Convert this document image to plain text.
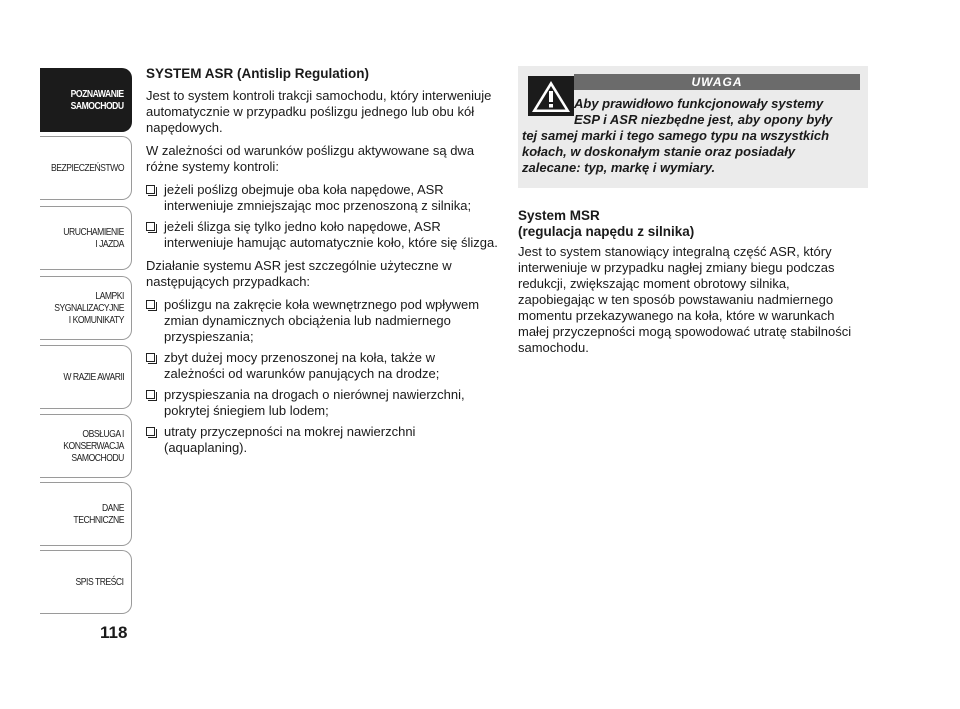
POZNAWANIE
SAMOCHODU
BEZPIECZEŃSTWO
URUCHAMIENIE
I JAZDA
LAMPKI
SYGNALIZACYJNE
I KOMUNIKATY
W RAZIE AWARII
OBSŁUGA I
KONSERWACJA
SAMOCHODU
DANE TECHNICZNE
SPIS TREŚCI
118
SYSTEM ASR (Antislip Regulation)
Jest to system kontroli trakcji samochodu, który interweniuje automatycznie w przypadku poślizgu jednego lub obu kół napędowych.
W zależności od warunków poślizgu aktywowane są dwa różne systemy kontroli:
jeżeli poślizg obejmuje oba koła napędowe, ASR interweniuje zmniejszając moc przenoszoną z silnika;
jeżeli ślizga się tylko jedno koło napędowe, ASR interweniuje hamując automatycznie koło, które się ślizga.
Działanie systemu ASR jest szczególnie użyteczne w następujących przypadkach:
poślizgu na zakręcie koła wewnętrznego pod wpływem zmian dynamicznych obciążenia lub nadmiernego przyspieszania;
zbyt dużej mocy przenoszonej na koła, także w zależności od warunków panujących na drodze;
przyspieszania na drogach o nierównej nawierzchni, pokrytej śniegiem lub lodem;
utraty przyczepności na mokrej nawierzchni (aquaplaning).
UWAGA
Aby prawidłowo funkcjonowały systemy
ESP i ASR niezbędne jest, aby opony były
tej samej marki i tego samego typu na wszystkich
kołach, w doskonałym stanie oraz posiadały
zalecane: typ, markę i wymiary.
System MSR
(regulacja napędu z silnika)
Jest to system stanowiący integralną część ASR, który interweniuje w przypadku nagłej zmiany biegu podczas redukcji, zwiększając moment obrotowy silnika, zapobiegając w ten sposób powstawaniu nadmiernego momentu przekazywanego na koła, które w warunkach małej przyczepności mogą spowodować utratę stabilności samochodu.
